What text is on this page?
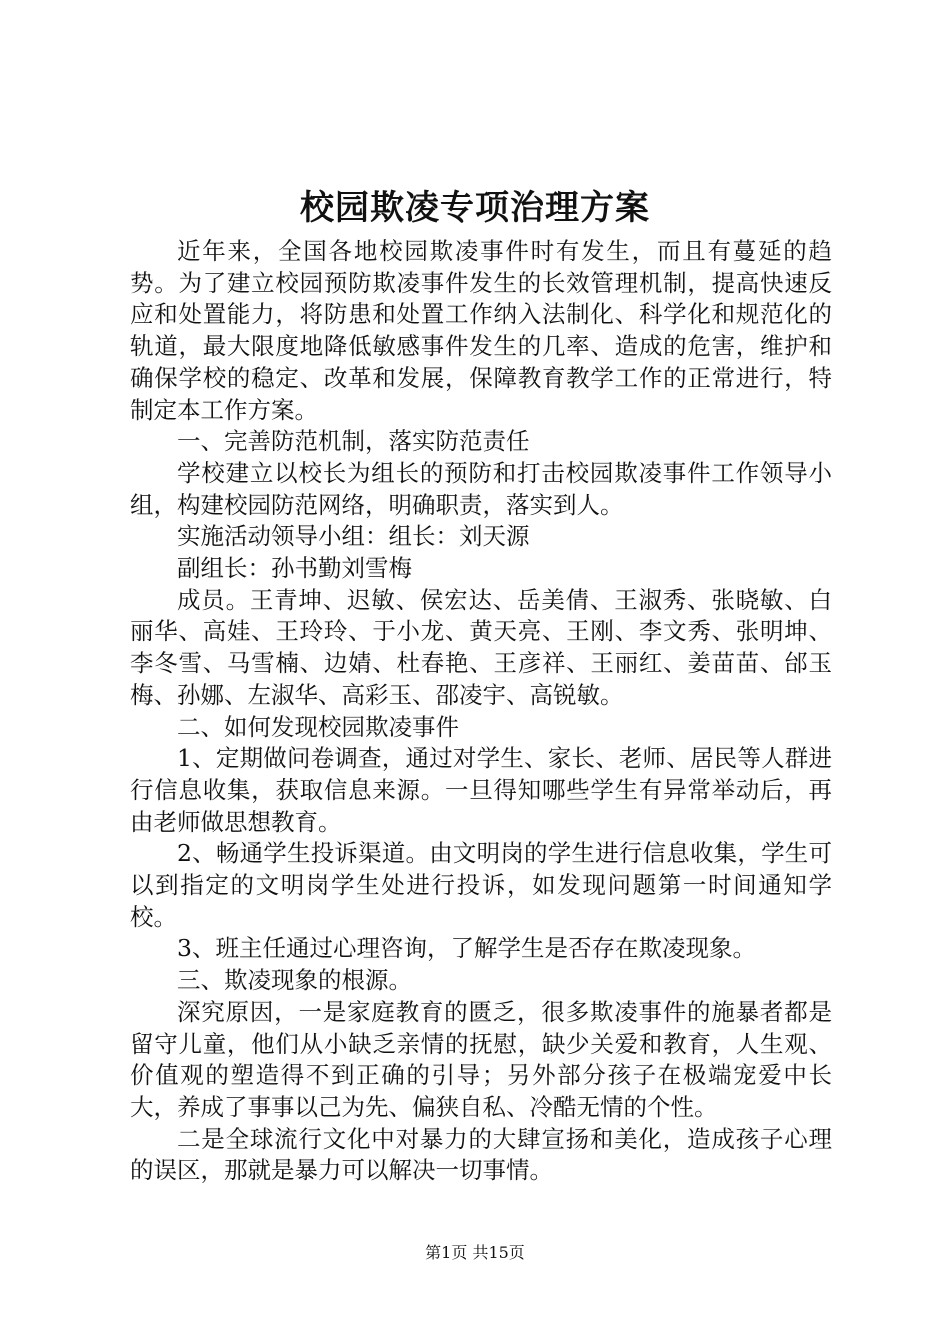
校园欺凌专项治理方案

近年来，全国各地校园欺凌事件时有发生，而且有蔓延的趋势。为了建立校园预防欺凌事件发生的长效管理机制，提高快速反应和处置能力，将防患和处置工作纳入法制化、科学化和规范化的轨道，最大限度地降低敏感事件发生的几率、造成的危害，维护和确保学校的稳定、改革和发展，保障教育教学工作的正常进行，特制定本工作方案。

一、完善防范机制，落实防范责任

学校建立以校长为组长的预防和打击校园欺凌事件工作领导小组，构建校园防范网络，明确职责，落实到人。

实施活动领导小组：组长：刘天源

副组长：孙书勤刘雪梅

成员。王青坤、迟敏、侯宏达、岳美倩、王淑秀、张晓敏、白丽华、高娃、王玲玲、于小龙、黄天亮、王刚、李文秀、张明坤、李冬雪、马雪楠、边婧、杜春艳、王彦祥、王丽红、姜苗苗、邰玉梅、孙娜、左淑华、高彩玉、邵凌宇、高锐敏。

二、如何发现校园欺凌事件

1、定期做问卷调查，通过对学生、家长、老师、居民等人群进行信息收集，获取信息来源。一旦得知哪些学生有异常举动后，再由老师做思想教育。

2、畅通学生投诉渠道。由文明岗的学生进行信息收集，学生可以到指定的文明岗学生处进行投诉，如发现问题第一时间通知学校。

3、班主任通过心理咨询，了解学生是否存在欺凌现象。

三、欺凌现象的根源。

深究原因，一是家庭教育的匮乏，很多欺凌事件的施暴者都是留守儿童，他们从小缺乏亲情的抚慰，缺少关爱和教育，人生观、价值观的塑造得不到正确的引导；另外部分孩子在极端宠爱中长大，养成了事事以己为先、偏狭自私、冷酷无情的个性。

二是全球流行文化中对暴力的大肆宣扬和美化，造成孩子心理的误区，那就是暴力可以解决一切事情。

第1页 共15页
